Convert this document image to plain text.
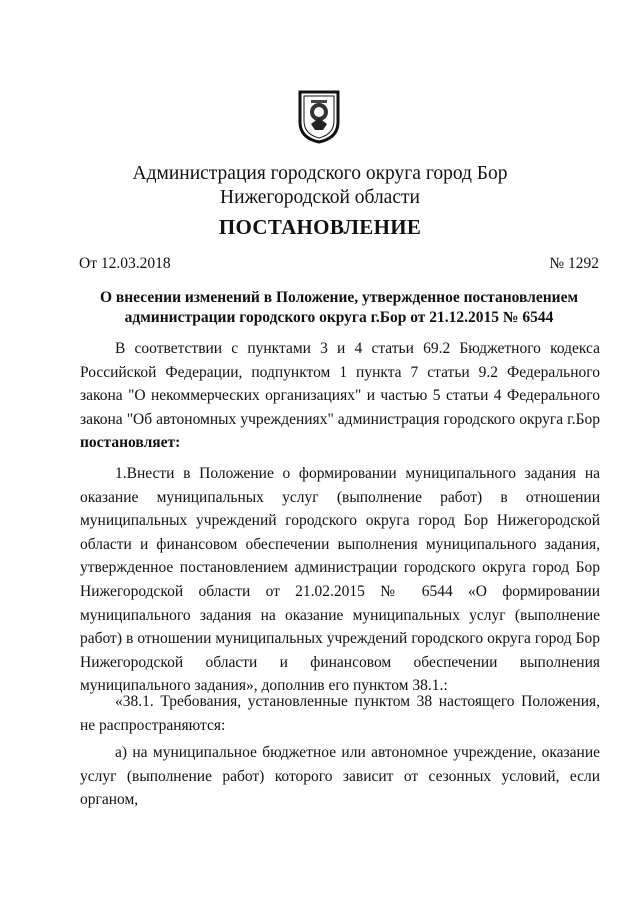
Администрация городского округа город Бор
Нижегородской области
ПОСТАНОВЛЕНИЕ
От 12.03.2018	№ 1292
О внесении изменений в Положение, утвержденное постановлением
администрации городского округа г.Бор от 21.12.2015 № 6544
В соответствии с пунктами 3 и 4 статьи 69.2 Бюджетного кодекса Российской Федерации, подпунктом 1 пункта 7 статьи 9.2 Федерального закона "О некоммерческих организациях" и частью 5 статьи 4 Федерального закона "Об автономных учреждениях" администрация городского округа г.Бор постановляет:
1.Внести в Положение о формировании муниципального задания на оказание муниципальных услуг (выполнение работ) в отношении муниципальных учреждений городского округа город Бор Нижегородской области и финансовом обеспечении выполнения муниципального задания, утвержденное постановлением администрации городского округа город Бор Нижегородской области от 21.02.2015 № 6544 «О формировании муниципального задания на оказание муниципальных услуг (выполнение работ) в отношении муниципальных учреждений городского округа город Бор Нижегородской области и финансовом обеспечении выполнения муниципального задания», дополнив его пунктом 38.1.:
«38.1. Требования, установленные пунктом 38 настоящего Положения, не распространяются:
а) на муниципальное бюджетное или автономное учреждение, оказание услуг (выполнение работ) которого зависит от сезонных условий, если органом,
